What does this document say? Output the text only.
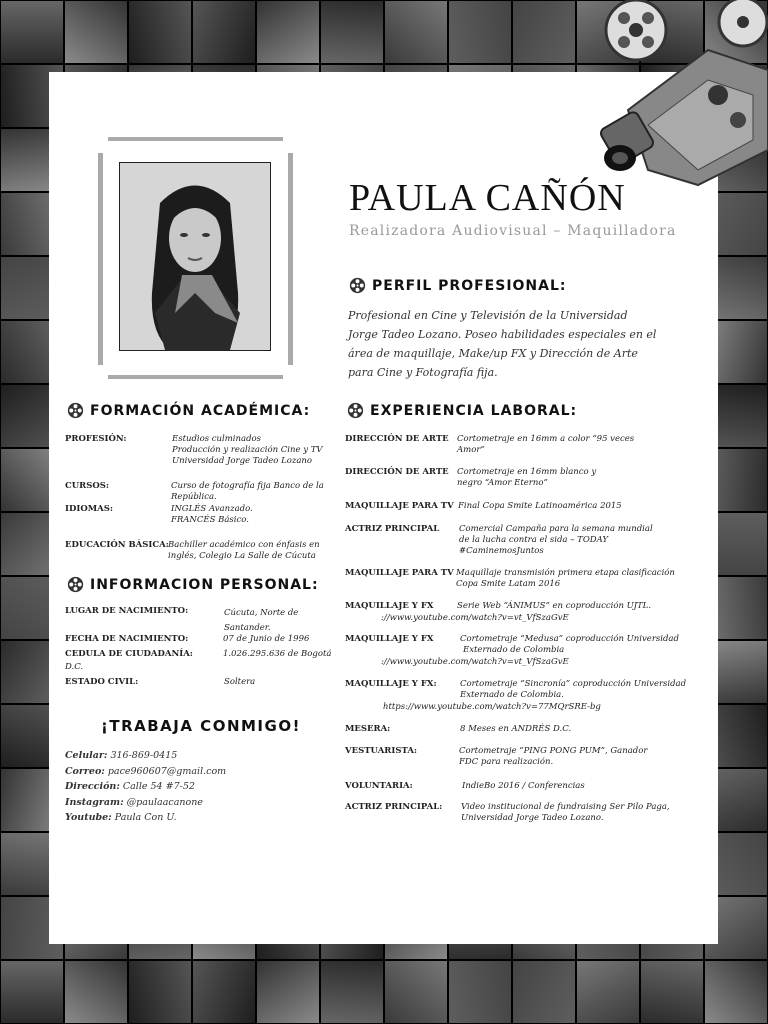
PAULA CAÑÓN
Realizadora Audiovisual – Maquilladora
PERFIL PROFESIONAL:
Profesional en Cine y Televisión de la Universidad
Jorge Tadeo Lozano. Poseo habilidades especiales en el
área de maquillaje, Make/up FX y Dirección de Arte
para Cine y Fotografía fija.
FORMACIÓN ACADÉMICA:
PROFESIÓN:	Estudios culminados
Producción y realización Cine y TV
Universidad Jorge Tadeo Lozano
CURSOS:	Curso de fotografía fija Banco de la
República.
IDIOMAS:	INGLÉS Avanzado.
FRANCÉS Básico.
EDUCACIÓN BÁSICA: Bachiller académico con énfasis en
inglés, Colegio La Salle de Cúcuta
INFORMACION PERSONAL:
LUGAR DE NACIMIENTO:	Cúcuta, Norte de
Santander.
FECHA DE NACIMIENTO:	07 de Junio de 1996
CEDULA DE CIUDADANÍA:	1.026.295.636 de Bogotá
D.C.
ESTADO CIVIL:	Soltera
¡TRABAJA CONMIGO!
Celular: 316-869-0415
Correo: pace960607@gmail.com
Dirección: Calle 54 #7-52
Instagram: @paulaacanone
Youtube: Paula Con U.
EXPERIENCIA LABORAL:
DIRECCIÓN DE ARTE Cortometraje en 16mm a color “95 veces
Amor”
DIRECCIÓN DE ARTE Cortometraje en 16mm blanco y
negro “Amor Eterno”
MAQUILLAJE PARA TV Final Copa Smite Latinoamérica 2015
ACTRIZ PRINCIPAL Comercial Campaña para la semana mundial
de la lucha contra el sida – TODAY
#CaminemosJuntos
MAQUILLAJE PARA TV Maquillaje transmisión primera etapa clasificación
Copa Smite Latam 2016
MAQUILLAJE Y FX	Serie Web “ÁNIMUS” en coproducción UJTL.
://www.youtube.com/watch?v=vt_VfSzaGvE
MAQUILLAJE Y FX	Cortometraje “Medusa” coproducción Universidad
Externado de Colombia
://www.youtube.com/watch?v=vt_VfSzaGvE
MAQUILLAJE Y FX:	Cortometraje “Sincronía” coproducción Universidad
Externado de Colombia.
https://www.youtube.com/watch?v=77MQrSRE-bg
MESERA:	8 Meses en ANDRÉS D.C.
VESTUARISTA:	Cortometraje “PING PONG PUM”, Ganador
FDC para realización.
VOLUNTARIA:	IndieBo 2016 / Conferencias
ACTRIZ PRINCIPAL: Video institucional de fundraising Ser Pilo Paga,
Universidad Jorge Tadeo Lozano.
